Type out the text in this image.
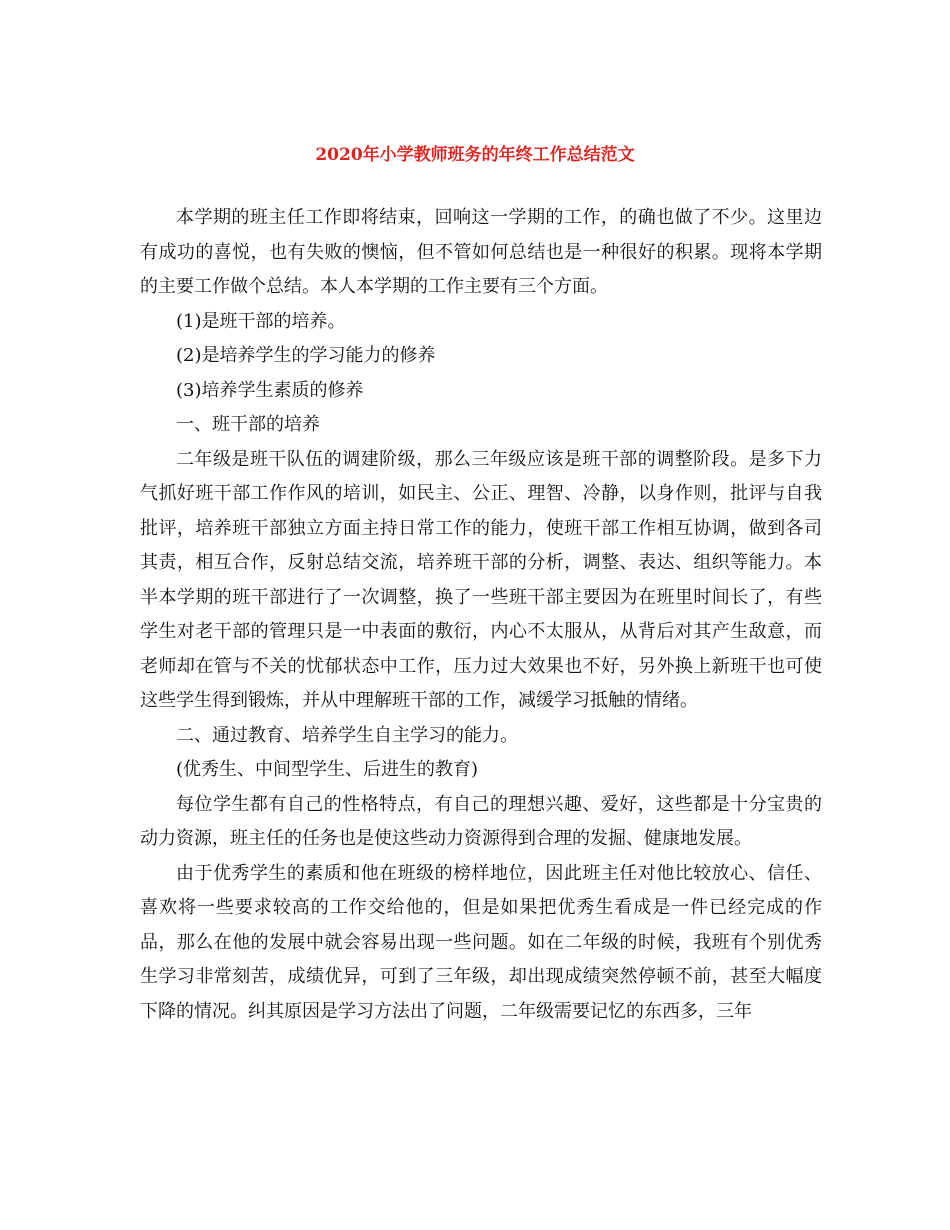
2020年小学教师班务的年终工作总结范文

本学期的班主任工作即将结束，回响这一学期的工作，的确也做了不少。这里边有成功的喜悦，也有失败的懊恼，但不管如何总结也是一种很好的积累。现将本学期的主要工作做个总结。本人本学期的工作主要有三个方面。

(1)是班干部的培养。

(2)是培养学生的学习能力的修养

(3)培养学生素质的修养

一、班干部的培养

二年级是班干队伍的调建阶级，那么三年级应该是班干部的调整阶段。是多下力气抓好班干部工作作风的培训，如民主、公正、理智、冷静，以身作则，批评与自我批评，培养班干部独立方面主持日常工作的能力，使班干部工作相互协调，做到各司其责，相互合作，反射总结交流，培养班干部的分析，调整、表达、组织等能力。本半本学期的班干部进行了一次调整，换了一些班干部主要因为在班里时间长了，有些学生对老干部的管理只是一中表面的敷衍，内心不太服从，从背后对其产生敌意，而老师却在管与不关的忧郁状态中工作，压力过大效果也不好，另外换上新班干也可使这些学生得到锻炼，并从中理解班干部的工作，减缓学习抵触的情绪。

二、通过教育、培养学生自主学习的能力。

(优秀生、中间型学生、后进生的教育)

每位学生都有自己的性格特点，有自己的理想兴趣、爱好，这些都是十分宝贵的动力资源，班主任的任务也是使这些动力资源得到合理的发掘、健康地发展。

由于优秀学生的素质和他在班级的榜样地位，因此班主任对他比较放心、信任、喜欢将一些要求较高的工作交给他的，但是如果把优秀生看成是一件已经完成的作品，那么在他的发展中就会容易出现一些问题。如在二年级的时候，我班有个别优秀生学习非常刻苦，成绩优异，可到了三年级，却出现成绩突然停顿不前，甚至大幅度下降的情况。纠其原因是学习方法出了问题，二年级需要记忆的东西多，三年
